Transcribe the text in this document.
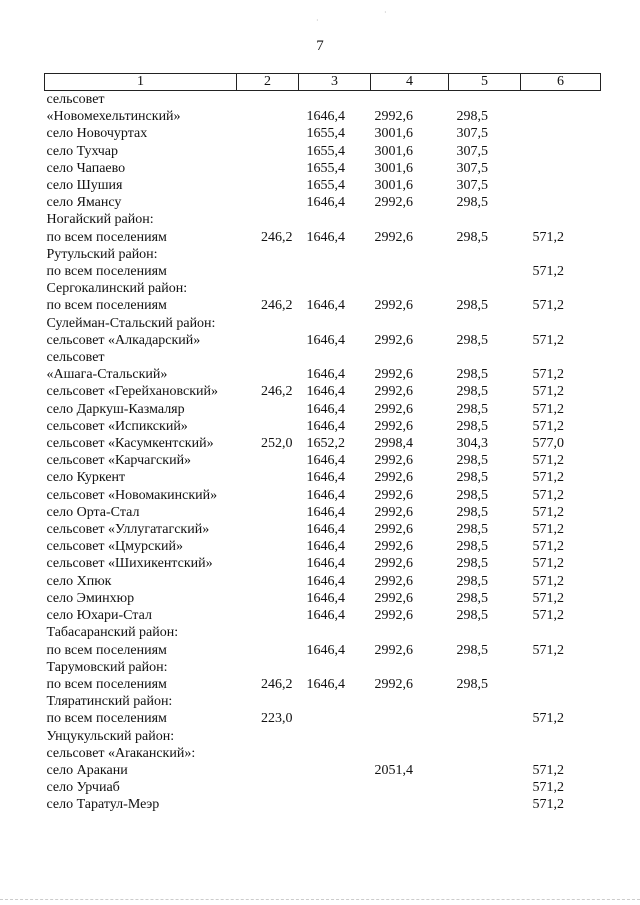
7
1	2	3	4	5	6
сельсовет					
«Новомехельтинский»		1646,4	2992,6	298,5	
село Новочуртах		1655,4	3001,6	307,5	
село Тухчар		1655,4	3001,6	307,5	
село Чапаево		1655,4	3001,6	307,5	
село Шушия		1655,4	3001,6	307,5	
село Ямансу		1646,4	2992,6	298,5	
Ногайский район:					
по всем поселениям	246,2	1646,4	2992,6	298,5	571,2
Рутульский район:					
по всем поселениям					571,2
Сергокалинский район:					
по всем поселениям	246,2	1646,4	2992,6	298,5	571,2
Сулейман-Стальский район:					
сельсовет «Алкадарский»		1646,4	2992,6	298,5	571,2
сельсовет					
«Ашага-Стальский»		1646,4	2992,6	298,5	571,2
сельсовет «Герейхановский»	246,2	1646,4	2992,6	298,5	571,2
село Даркуш-Казмаляр		1646,4	2992,6	298,5	571,2
сельсовет «Испикский»		1646,4	2992,6	298,5	571,2
сельсовет «Касумкентский»	252,0	1652,2	2998,4	304,3	577,0
сельсовет «Карчагский»		1646,4	2992,6	298,5	571,2
село Куркент		1646,4	2992,6	298,5	571,2
сельсовет «Новомакинский»		1646,4	2992,6	298,5	571,2
село Орта-Стал		1646,4	2992,6	298,5	571,2
сельсовет «Уллугатагский»		1646,4	2992,6	298,5	571,2
сельсовет «Цмурский»		1646,4	2992,6	298,5	571,2
сельсовет «Шихикентский»		1646,4	2992,6	298,5	571,2
село Хпюк		1646,4	2992,6	298,5	571,2
село Эминхюр		1646,4	2992,6	298,5	571,2
село Юхари-Стал		1646,4	2992,6	298,5	571,2
Табасаранский район:					
по всем поселениям		1646,4	2992,6	298,5	571,2
Тарумовский район:					
по всем поселениям	246,2	1646,4	2992,6	298,5	
Тляратинский район:					
по всем поселениям	223,0				571,2
Унцукульский район:					
сельсовет «Araканский»:					
село Аракани			2051,4		571,2
село Урчиаб					571,2
село Таратул-Меэр					571,2
·
·
